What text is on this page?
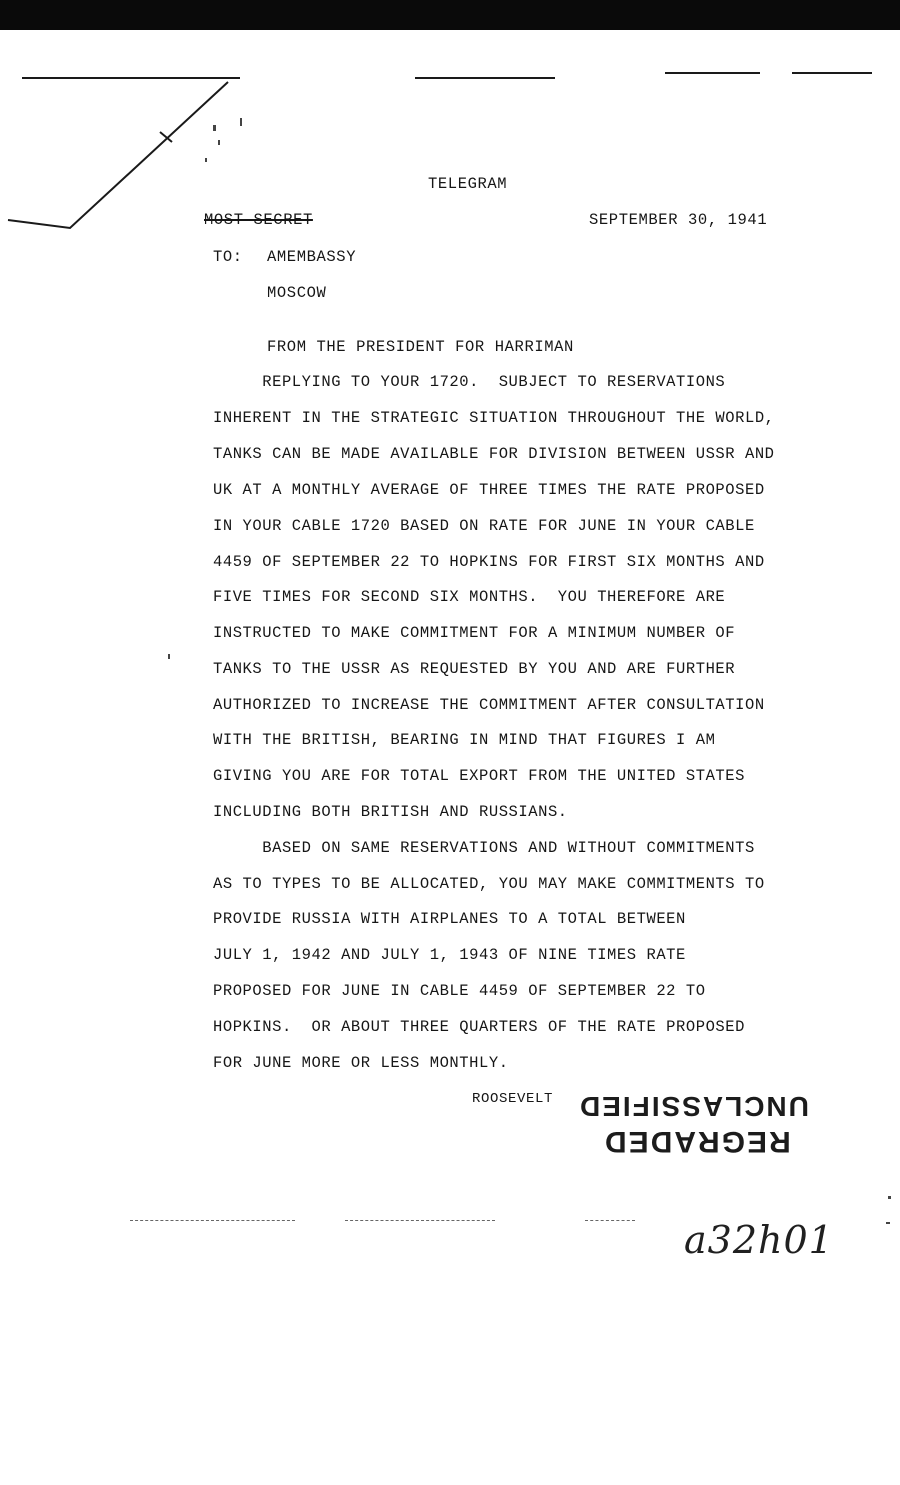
TELEGRAM
MOST SECRET	SEPTEMBER 30, 1941
TO: AMEMBASSY
MOSCOW
FROM THE PRESIDENT FOR HARRIMAN
REPLYING TO YOUR 1720.  SUBJECT TO RESERVATIONS
INHERENT IN THE STRATEGIC SITUATION THROUGHOUT THE WORLD,
TANKS CAN BE MADE AVAILABLE FOR DIVISION BETWEEN USSR AND
UK AT A MONTHLY AVERAGE OF THREE TIMES THE RATE PROPOSED
IN YOUR CABLE 1720 BASED ON RATE FOR JUNE IN YOUR CABLE
4459 OF SEPTEMBER 22 TO HOPKINS FOR FIRST SIX MONTHS AND
FIVE TIMES FOR SECOND SIX MONTHS.  YOU THEREFORE ARE
INSTRUCTED TO MAKE COMMITMENT FOR A MINIMUM NUMBER OF
TANKS TO THE USSR AS REQUESTED BY YOU AND ARE FURTHER
AUTHORIZED TO INCREASE THE COMMITMENT AFTER CONSULTATION
WITH THE BRITISH, BEARING IN MIND THAT FIGURES I AM
GIVING YOU ARE FOR TOTAL EXPORT FROM THE UNITED STATES
INCLUDING BOTH BRITISH AND RUSSIANS.
BASED ON SAME RESERVATIONS AND WITHOUT COMMITMENTS
AS TO TYPES TO BE ALLOCATED, YOU MAY MAKE COMMITMENTS TO
PROVIDE RUSSIA WITH AIRPLANES TO A TOTAL BETWEEN
JULY 1, 1942 AND JULY 1, 1943 OF NINE TIMES RATE
PROPOSED FOR JUNE IN CABLE 4459 OF SEPTEMBER 22 TO
HOPKINS.  OR ABOUT THREE QUARTERS OF THE RATE PROPOSED
FOR JUNE MORE OR LESS MONTHLY.
ROOSEVELT UNCLASSIFIED
REGRADED
a32h01
